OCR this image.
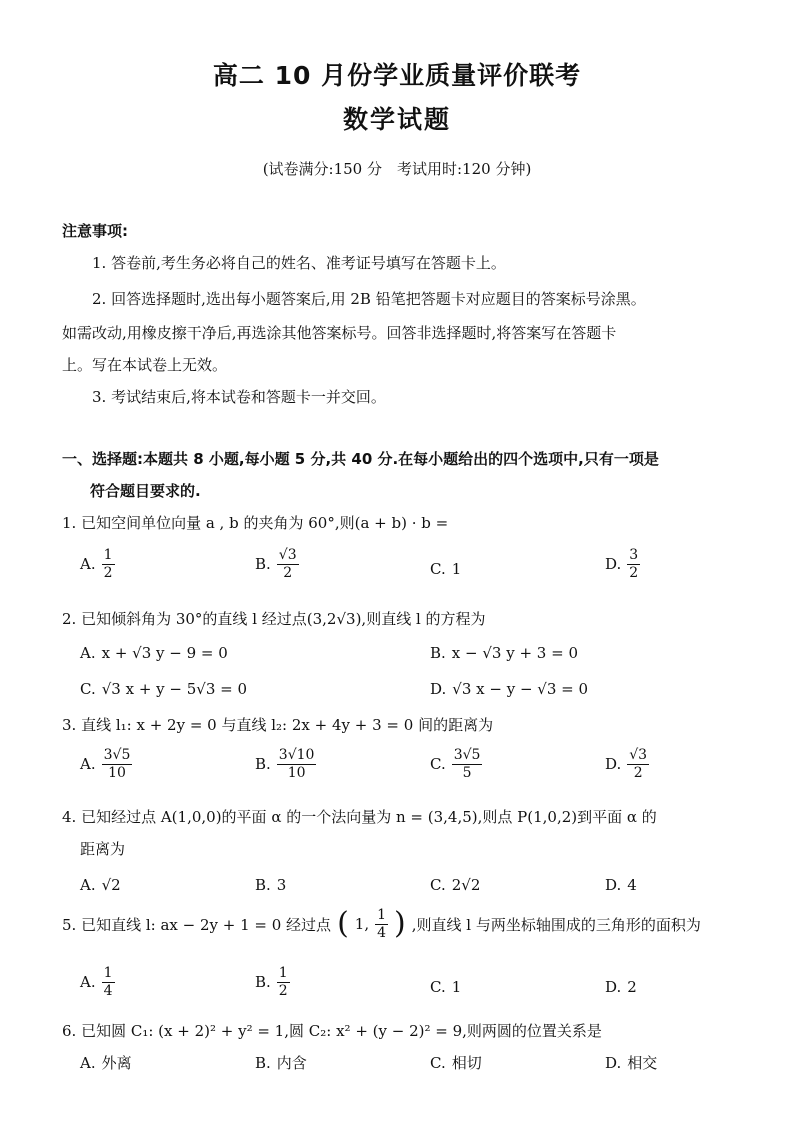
高二 10 月份学业质量评价联考
数学试题
(试卷满分:150 分　考试用时:120 分钟)
注意事项:
1. 答卷前,考生务必将自己的姓名、准考证号填写在答题卡上。
2. 回答选择题时,选出每小题答案后,用 2B 铅笔把答题卡对应题目的答案标号涂黑。
如需改动,用橡皮擦干净后,再选涂其他答案标号。回答非选择题时,将答案写在答题卡
上。写在本试卷上无效。
3. 考试结束后,将本试卷和答题卡一并交回。
一、选择题:本题共 8 小题,每小题 5 分,共 40 分.在每小题给出的四个选项中,只有一项是
符合题目要求的.
1. 已知空间单位向量 a , b 的夹角为 60°,则(a + b) · b =
A. $\frac{1}{2}$	B. $\frac{√3}{2}$	C. 1	D. $\frac{3}{2}$
2. 已知倾斜角为 30°的直线 l 经过点(3,2√3),则直线 l 的方程为
A. x + √3 y − 9 = 0	B. x − √3 y + 3 = 0
C. √3 x + y − 5√3 = 0	D. √3 x − y − √3 = 0
3. 直线 l₁: x + 2y = 0 与直线 l₂: 2x + 4y + 3 = 0 间的距离为
A. $\frac{3√5}{10}$	B. $\frac{3√10}{10}$	C. $\frac{3√5}{5}$	D. $\frac{√3}{2}$
4. 已知经过点 A(1,0,0)的平面 α 的一个法向量为 n = (3,4,5),则点 P(1,0,2)到平面 α 的
距离为
A. √2	B. 3	C. 2√2	D. 4
5. 已知直线 l: ax − 2y + 1 = 0 经过点 ( 1, $\frac{1}{4}$ ) ,则直线 l 与两坐标轴围成的三角形的面积为
A. $\frac{1}{4}$	B. $\frac{1}{2}$	C. 1	D. 2
6. 已知圆 C₁: (x + 2)² + y² = 1,圆 C₂: x² + (y − 2)² = 9,则两圆的位置关系是
A. 外离	B. 内含	C. 相切	D. 相交
